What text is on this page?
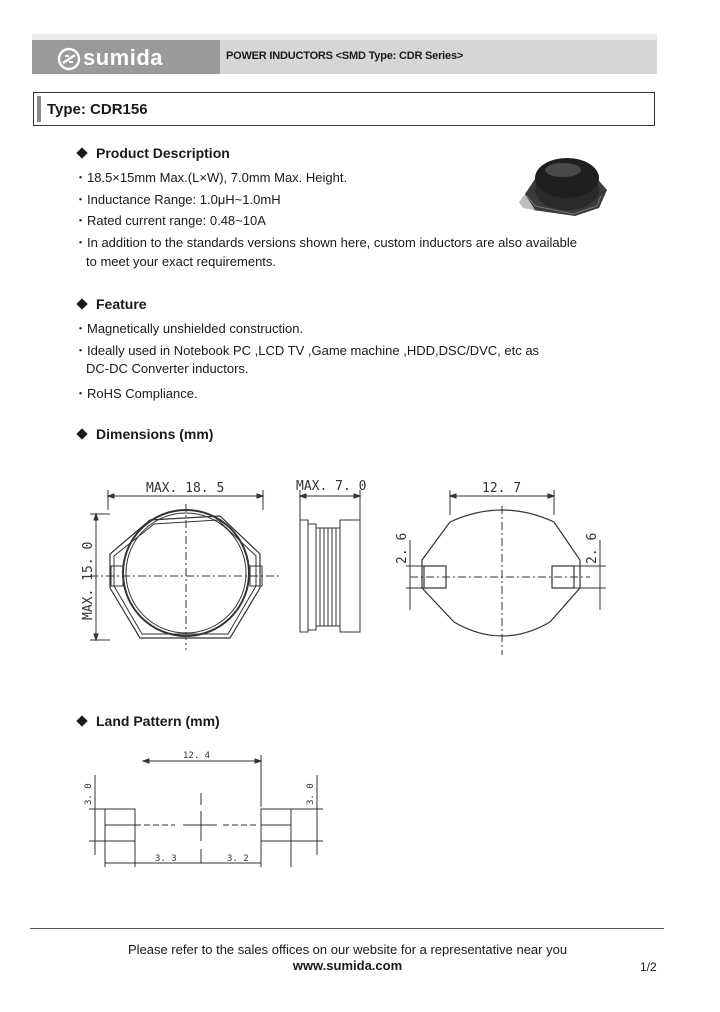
sumida	POWER INDUCTORS <SMD Type: CDR Series>
Type: CDR156
Product Description
・18.5×15mm Max.(L×W), 7.0mm Max. Height.
・Inductance Range: 1.0μH~1.0mH
・Rated current range: 0.48~10A
・In addition to the standards versions shown here, custom inductors are also available
to meet your exact requirements.
Feature
・Magnetically unshielded construction.
・Ideally used in Notebook PC ,LCD TV ,Game machine ,HDD,DSC/DVC, etc as
DC-DC Converter inductors.
・RoHS Compliance.
Dimensions (mm)
MAX. 18. 5	MAX. 7. 0	12. 7
MAX. 15. 0	2. 6	2. 6
Land Pattern (mm)
12. 4
3. 0	3. 0
3. 3	3. 2
Please refer to the sales offices on our website for a representative near you
www.sumida.com	1/2
